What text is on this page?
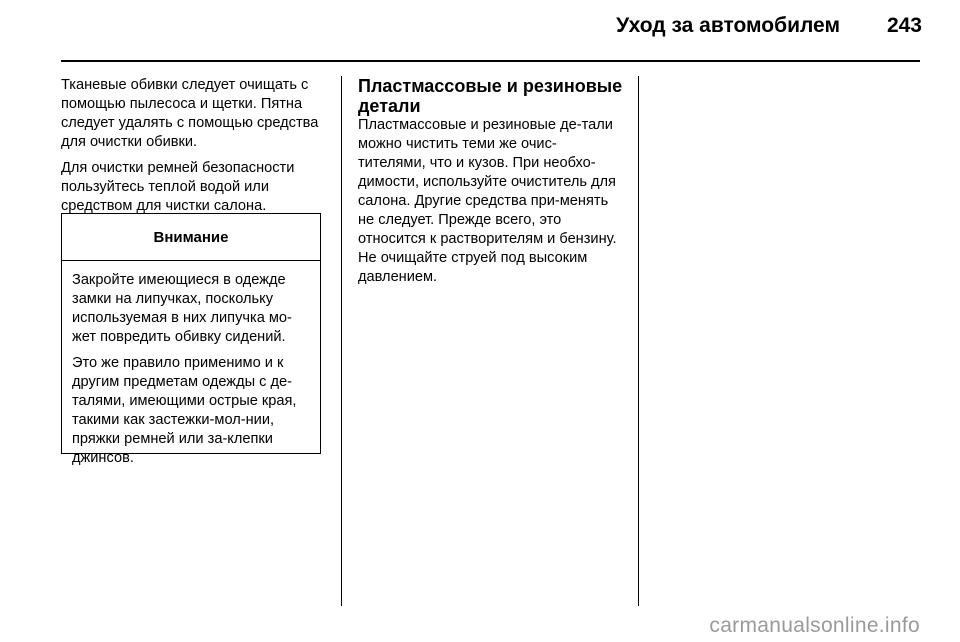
Уход за автомобилем 243

Тканевые обивки следует очищать с помощью пылесоса и щетки. Пятна следует удалять с помощью средства для очистки обивки.

Для очистки ремней безопасности пользуйтесь теплой водой или средством для чистки салона.

Внимание

Закройте имеющиеся в одежде замки на липучках, поскольку используемая в них липучка мо-жет повредить обивку сидений.

Это же правило применимо и к другим предметам одежды с де-талями, имеющими острые края, такими как застежки-мол-нии, пряжки ремней или за-клепки джинсов.

Пластмассовые и резиновые детали

Пластмассовые и резиновые де-тали можно чистить теми же очис-тителями, что и кузов. При необхо-димости, используйте очиститель для салона. Другие средства при-менять не следует. Прежде всего, это относится к растворителям и бензину. Не очищайте струей под высоким давлением.

carmanualsonline.info
